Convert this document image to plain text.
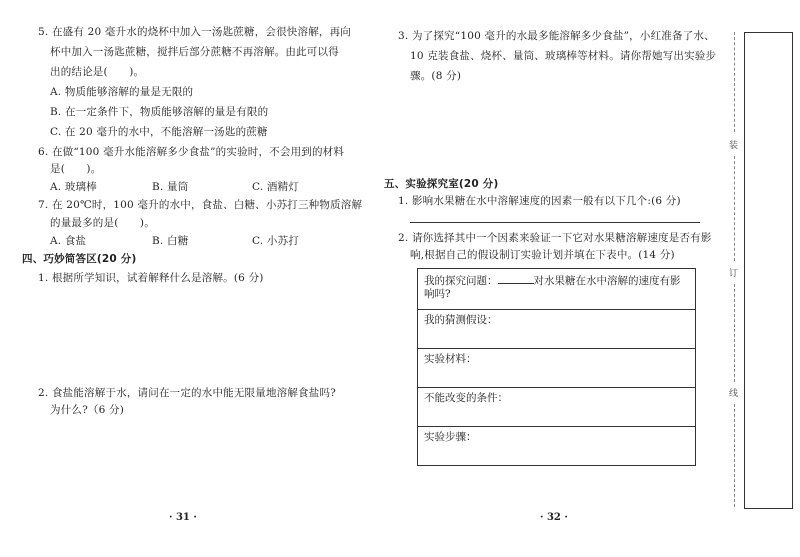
5. 在盛有 20 毫升水的烧杯中加入一汤匙蔗糖，会很快溶解，再向
杯中加入一汤匙蔗糖，搅拌后部分蔗糖不再溶解。由此可以得
出的结论是(　　)。
A. 物质能够溶解的量是无限的
B. 在一定条件下，物质能够溶解的量是有限的
C. 在 20 毫升的水中，不能溶解一汤匙的蔗糖
6. 在做“100 毫升水能溶解多少食盐”的实验时，不会用到的材料
是(　　)。
A. 玻璃棒	B. 量筒	C. 酒精灯
7. 在 20℃时，100 毫升的水中，食盐、白糖、小苏打三种物质溶解
的量最多的是(　　)。
A. 食盐	B. 白糖	C. 小苏打
四、巧妙简答区(20 分)
1. 根据所学知识，试着解释什么是溶解。(6 分)
2. 食盐能溶解于水，请问在一定的水中能无限量地溶解食盐吗?
为什么?（6 分)
· 31 ·
3. 为了探究“100 毫升的水最多能溶解多少食盐”，小红准备了水、
10 克装食盐、烧杯、量筒、玻璃棒等材料。请你帮她写出实验步
骤。(8 分)
五、实验探究室(20 分)
1. 影响水果糖在水中溶解速度的因素一般有以下几个:(6 分)
2. 请你选择其中一个因素来验证一下它对水果糖溶解速度是否有影
响,根据自己的假设制订实验计划并填在下表中。(14 分)
我的探究问题：	对水果糖在水中溶解的速度有影
响吗?
我的猜测假设：
实验材料：
不能改变的条件：
实验步骤：
· 32 ·
装
订
线
